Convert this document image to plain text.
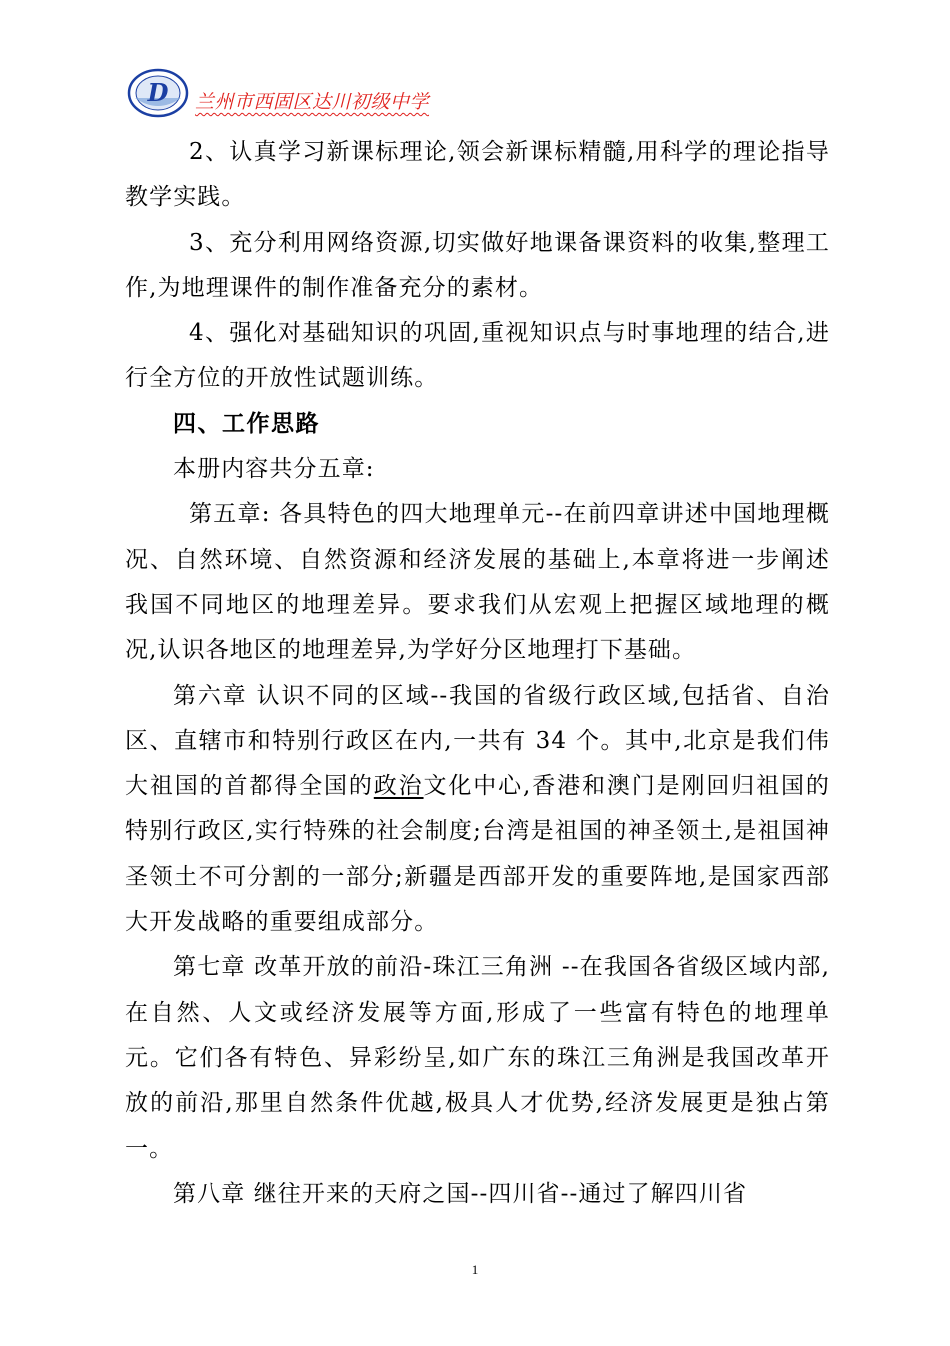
D 兰州市西固区达川初级中学

2、认真学习新课标理论,领会新课标精髓,用科学的理论指导教学实践。

3、充分利用网络资源,切实做好地课备课资料的收集,整理工作,为地理课件的制作准备充分的素材。

4、强化对基础知识的巩固,重视知识点与时事地理的结合,进行全方位的开放性试题训练。

四、工作思路

本册内容共分五章:

第五章: 各具特色的四大地理单元--在前四章讲述中国地理概况、自然环境、自然资源和经济发展的基础上,本章将进一步阐述我国不同地区的地理差异。要求我们从宏观上把握区域地理的概况,认识各地区的地理差异,为学好分区地理打下基础。

第六章 认识不同的区域--我国的省级行政区域,包括省、自治区、直辖市和特别行政区在内,一共有 34 个。其中,北京是我们伟大祖国的首都得全国的政治文化中心,香港和澳门是刚回归祖国的特别行政区,实行特殊的社会制度;台湾是祖国的神圣领土,是祖国神圣领土不可分割的一部分;新疆是西部开发的重要阵地,是国家西部大开发战略的重要组成部分。

第七章 改革开放的前沿-珠江三角洲 --在我国各省级区域内部,在自然、人文或经济发展等方面,形成了一些富有特色的地理单元。它们各有特色、异彩纷呈,如广东的珠江三角洲是我国改革开放的前沿,那里自然条件优越,极具人才优势,经济发展更是独占第一。

第八章 继往开来的天府之国--四川省--通过了解四川省

1
